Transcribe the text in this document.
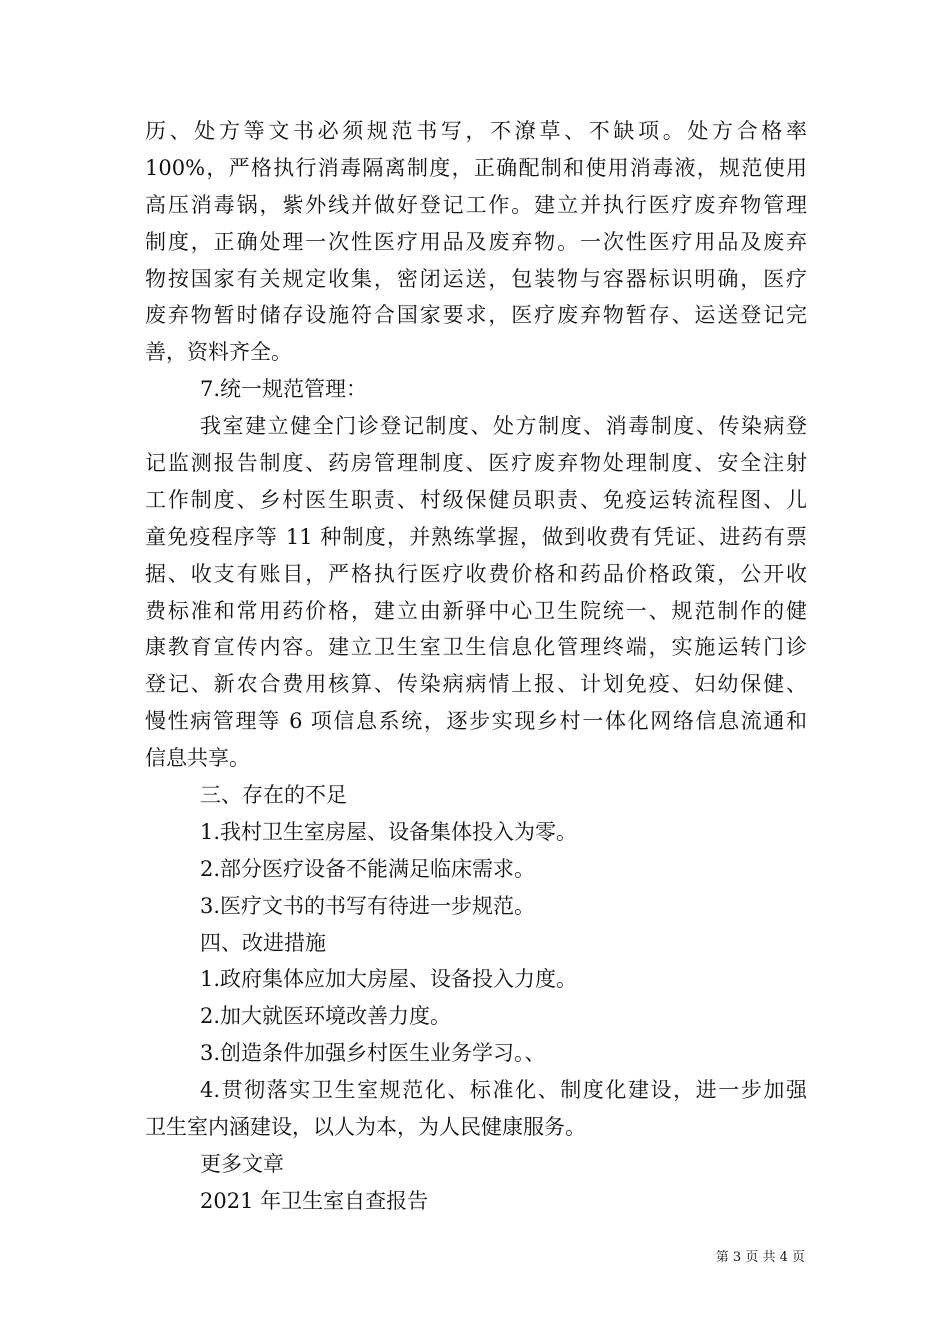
历、处方等文书必须规范书写，不潦草、不缺项。处方合格率
100%，严格执行消毒隔离制度，正确配制和使用消毒液，规范使用
高压消毒锅，紫外线并做好登记工作。建立并执行医疗废弃物管理
制度，正确处理一次性医疗用品及废弃物。一次性医疗用品及废弃
物按国家有关规定收集，密闭运送，包装物与容器标识明确，医疗
废弃物暂时储存设施符合国家要求，医疗废弃物暂存、运送登记完
善，资料齐全。
7.统一规范管理：
我室建立健全门诊登记制度、处方制度、消毒制度、传染病登
记监测报告制度、药房管理制度、医疗废弃物处理制度、安全注射
工作制度、乡村医生职责、村级保健员职责、免疫运转流程图、儿
童免疫程序等 11 种制度，并熟练掌握，做到收费有凭证、进药有票
据、收支有账目，严格执行医疗收费价格和药品价格政策，公开收
费标准和常用药价格，建立由新驿中心卫生院统一、规范制作的健
康教育宣传内容。建立卫生室卫生信息化管理终端，实施运转门诊
登记、新农合费用核算、传染病病情上报、计划免疫、妇幼保健、
慢性病管理等 6 项信息系统，逐步实现乡村一体化网络信息流通和
信息共享。
三、存在的不足
1.我村卫生室房屋、设备集体投入为零。
2.部分医疗设备不能满足临床需求。
3.医疗文书的书写有待进一步规范。
四、改进措施
1.政府集体应加大房屋、设备投入力度。
2.加大就医环境改善力度。
3.创造条件加强乡村医生业务学习。、
4.贯彻落实卫生室规范化、标准化、制度化建设，进一步加强
卫生室内涵建设，以人为本，为人民健康服务。
更多文章
2021 年卫生室自查报告
第 3 页 共 4 页
